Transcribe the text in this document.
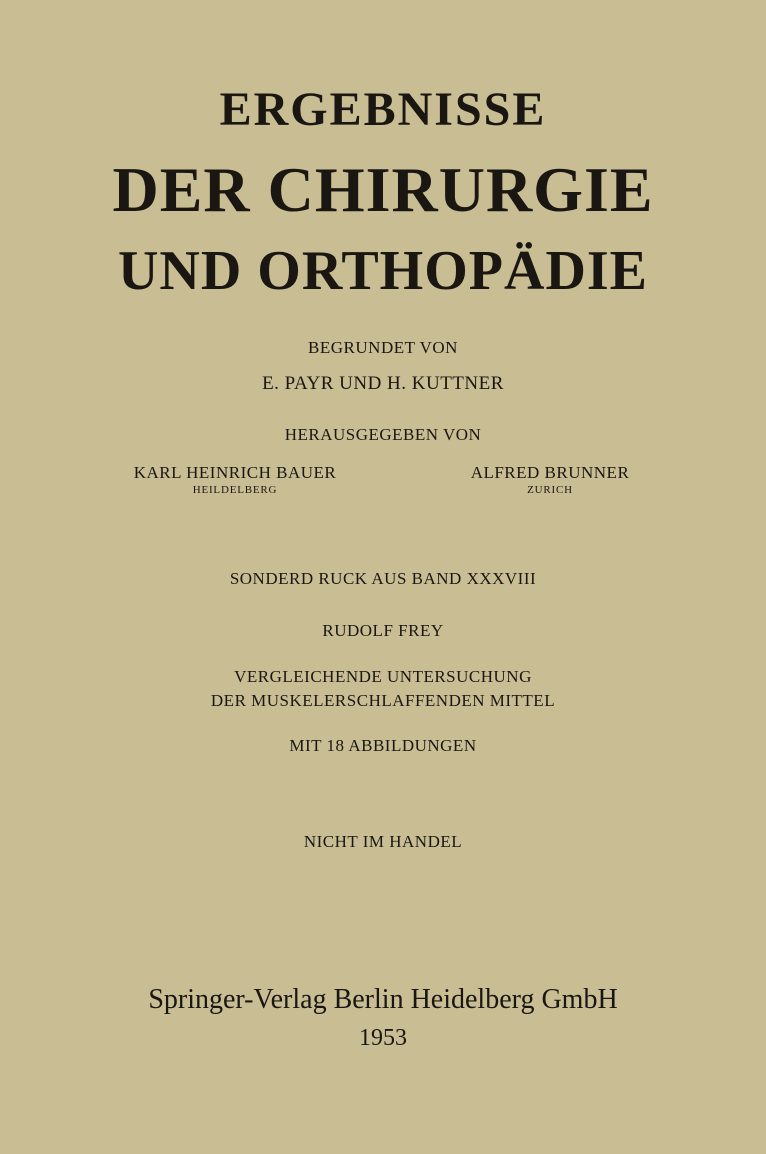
ERGEBNISSE
DER CHIRURGIE
UND ORTHOPÄDIE
BEGRUNDET VON
E. PAYR UND H. KUTTNER
HERAUSGEGEBEN VON
KARL HEINRICH BAUER
HEILDELBERG
ALFRED BRUNNER
ZURICH
SONDERD RUCK AUS BAND XXXVIII
RUDOLF FREY
VERGLEICHENDE UNTERSUCHUNG
DER MUSKELERSCHLAFFENDEN MITTEL
MIT 18 ABBILDUNGEN
NICHT IM HANDEL
Springer-Verlag Berlin Heidelberg GmbH
1953
